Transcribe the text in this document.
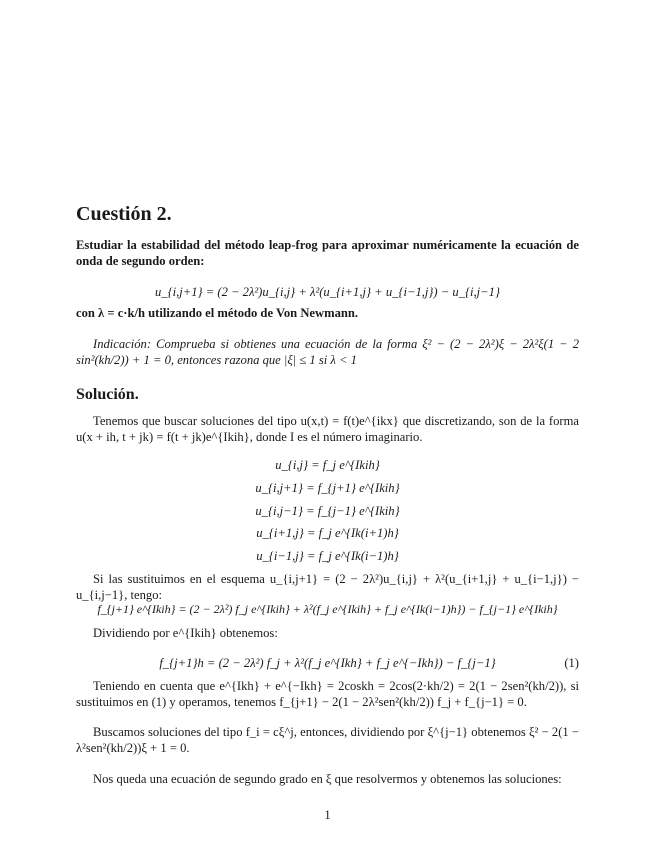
Cuestión 2.
Estudiar la estabilidad del método leap-frog para aproximar numéricamente la ecuación de onda de segundo orden:
u_{i,j+1} = (2 − 2λ²)u_{i,j} + λ²(u_{i+1,j} + u_{i−1,j}) − u_{i,j−1}
con λ = c·k/h utilizando el método de Von Newmann.
Indicación: Comprueba si obtienes una ecuación de la forma ξ² − (2 − 2λ²)ξ − 2λ²ξ(1 − 2 sin²(kh/2)) + 1 = 0, entonces razona que |ξ| ≤ 1 si λ < 1
Solución.
Tenemos que buscar soluciones del tipo u(x,t) = f(t)e^{ikx} que discretizando, son de la forma u(x + ih, t + jk) = f(t + jk)e^{Ikih}, donde I es el número imaginario.
u_{i,j} = f_j e^{Ikih}
u_{i,j+1} = f_{j+1} e^{Ikih}
u_{i,j−1} = f_{j−1} e^{Ikih}
u_{i+1,j} = f_j e^{Ik(i+1)h}
u_{i−1,j} = f_j e^{Ik(i−1)h}
Si las sustituimos en el esquema u_{i,j+1} = (2 − 2λ²)u_{i,j} + λ²(u_{i+1,j} + u_{i−1,j}) − u_{i,j−1}, tengo:
f_{j+1} e^{Ikih} = (2 − 2λ²) f_j e^{Ikih} + λ²(f_j e^{Ikih} + f_j e^{Ik(i−1)h}) − f_{j−1} e^{Ikih}
Dividiendo por e^{Ikih} obtenemos:
f_{j+1}h = (2 − 2λ²) f_j + λ²(f_j e^{Ikh} + f_j e^{−Ikh}) − f_{j−1}	(1)
Teniendo en cuenta que e^{Ikh} + e^{−Ikh} = 2coskh = 2cos(2·kh/2) = 2(1 − 2sen²(kh/2)), si sustituimos en (1) y operamos, tenemos f_{j+1} − 2(1 − 2λ²sen²(kh/2)) f_j + f_{j−1} = 0.
Buscamos soluciones del tipo f_i = cξ^j, entonces, dividiendo por ξ^{j−1} obtenemos ξ² − 2(1 − λ²sen²(kh/2))ξ + 1 = 0.
Nos queda una ecuación de segundo grado en ξ que resolvermos y obtenemos las soluciones:
1
